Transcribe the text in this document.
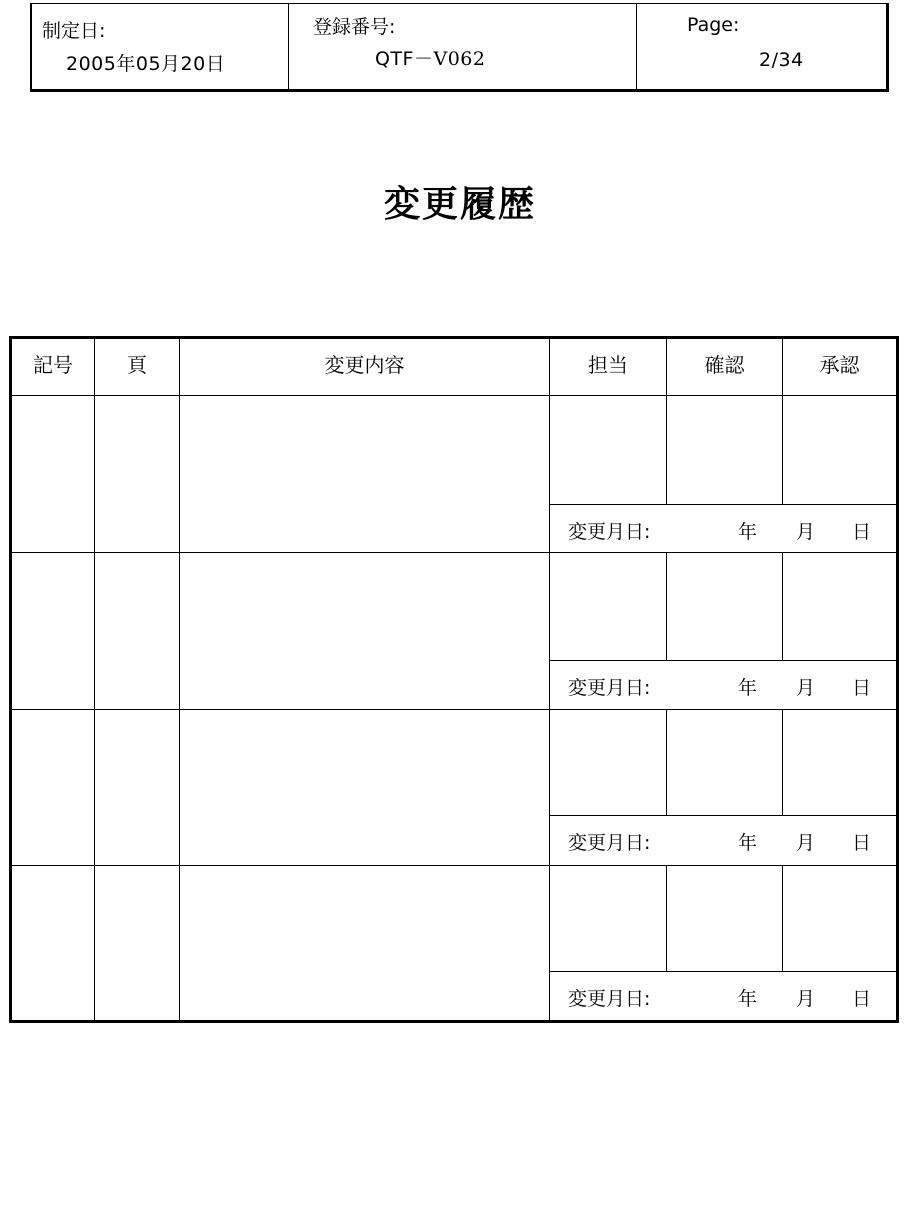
制定日:
2005年05月20日
登録番号:
QTF－V062
Page:
2/34
変更履歴
記号	頁	変更内容	担当	確認	承認
変更月日:	年 月 日
変更月日:	年 月 日
変更月日:	年 月 日
変更月日:	年 月 日
